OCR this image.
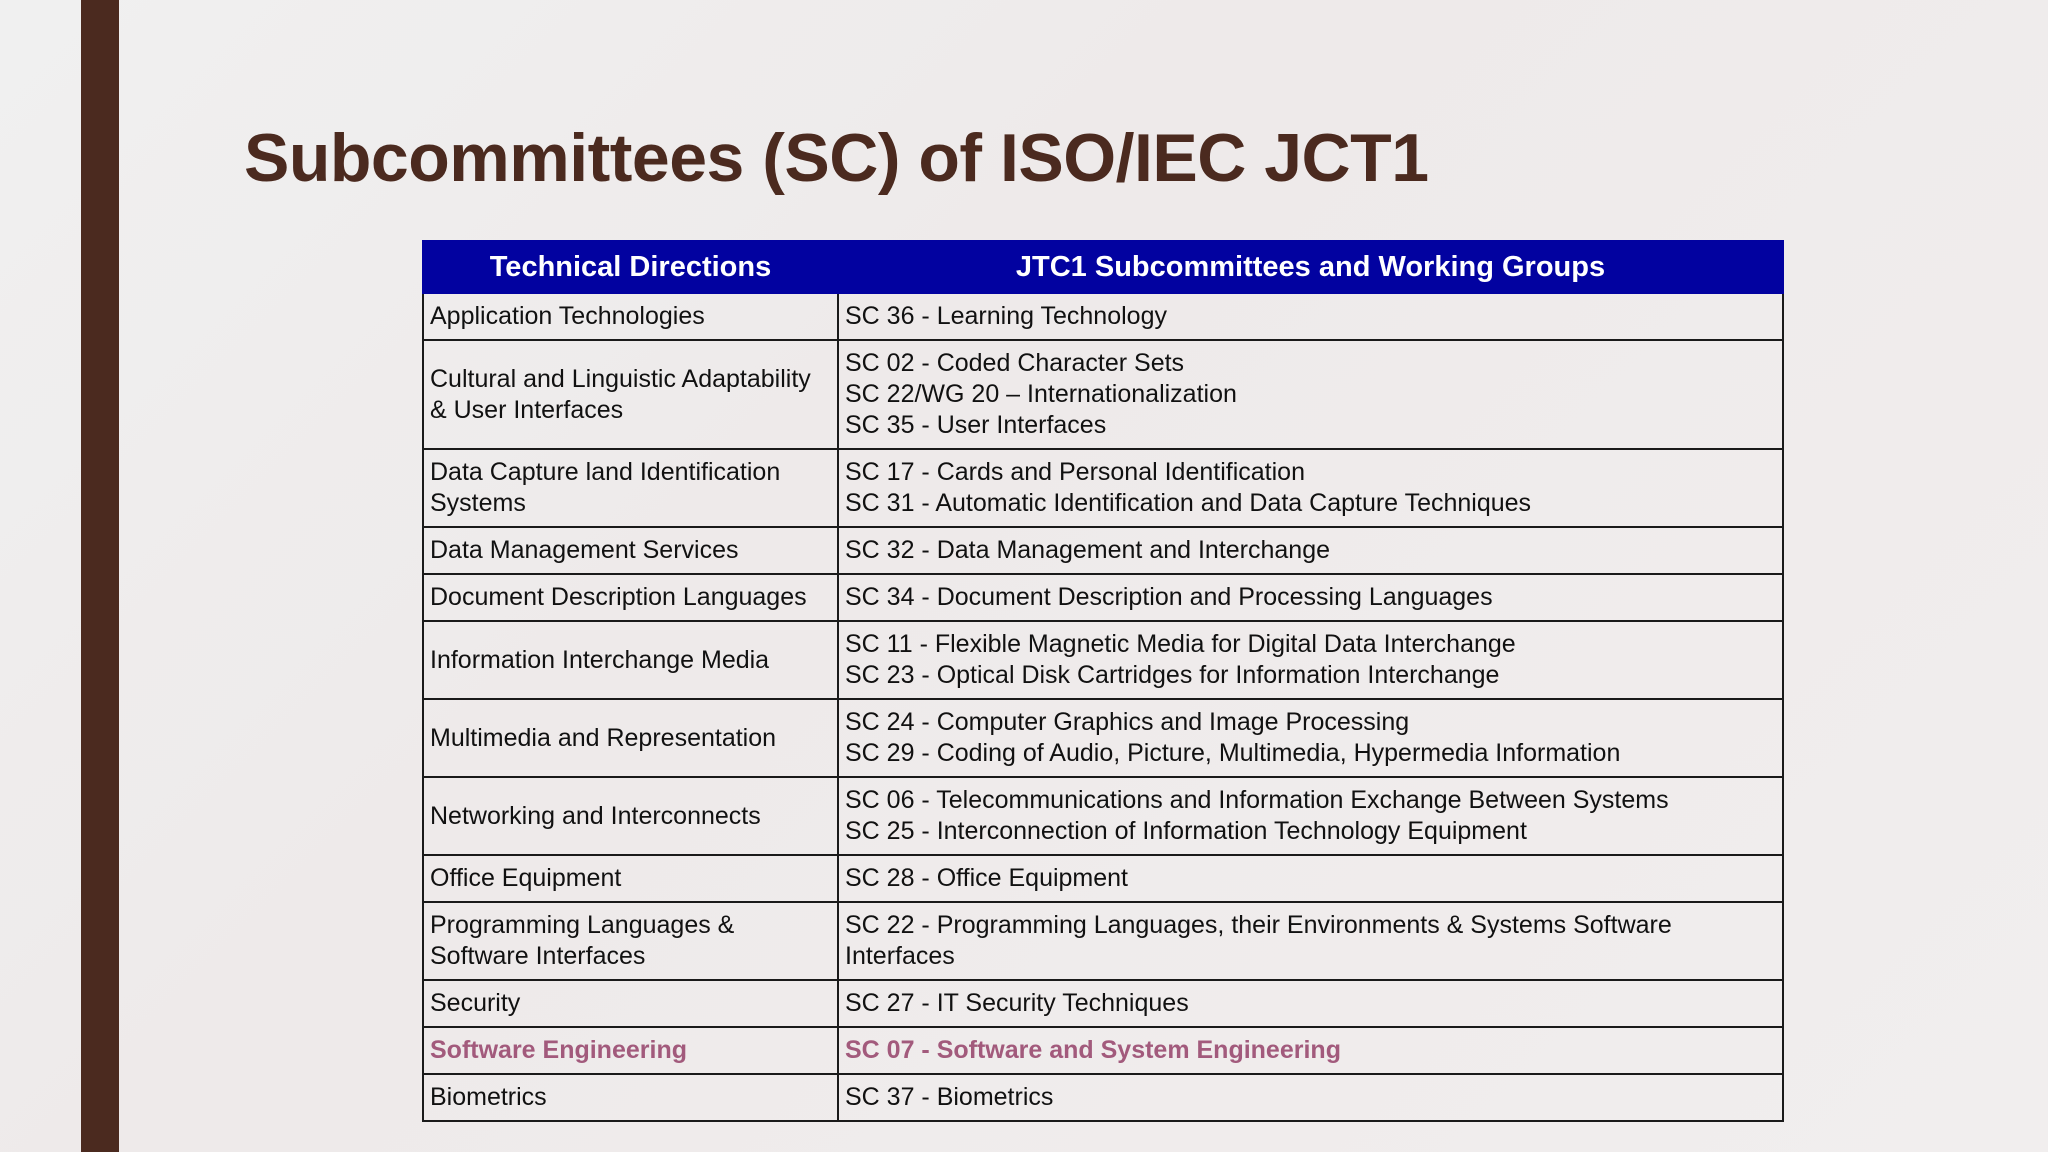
Subcommittees (SC) of ISO/IEC JCT1
Technical Directions	JTC1 Subcommittees and Working Groups

Application Technologies	SC 36 - Learning Technology

Cultural and Linguistic Adaptability
& User Interfaces	SC 02 - Coded Character Sets
SC 22/WG 20 – Internationalization
SC 35 - User Interfaces

Data Capture land Identification
Systems	SC 17 - Cards and Personal Identification
SC 31 - Automatic Identification and Data Capture Techniques

Data Management Services	SC 32 - Data Management and Interchange

Document Description Languages	SC 34 - Document Description and Processing Languages

Information Interchange Media	SC 11 - Flexible Magnetic Media for Digital Data Interchange
SC 23 - Optical Disk Cartridges for Information Interchange

Multimedia and Representation	SC 24 - Computer Graphics and Image Processing
SC 29 - Coding of Audio, Picture, Multimedia, Hypermedia Information

Networking and Interconnects	SC 06 - Telecommunications and Information Exchange Between Systems
SC 25 - Interconnection of Information Technology Equipment

Office Equipment	SC 28 - Office Equipment

Programming Languages &
Software Interfaces	SC 22 - Programming Languages, their Environments & Systems Software
Interfaces

Security	SC 27 - IT Security Techniques

Software Engineering	SC 07 - Software and System Engineering

Biometrics	SC 37 - Biometrics
